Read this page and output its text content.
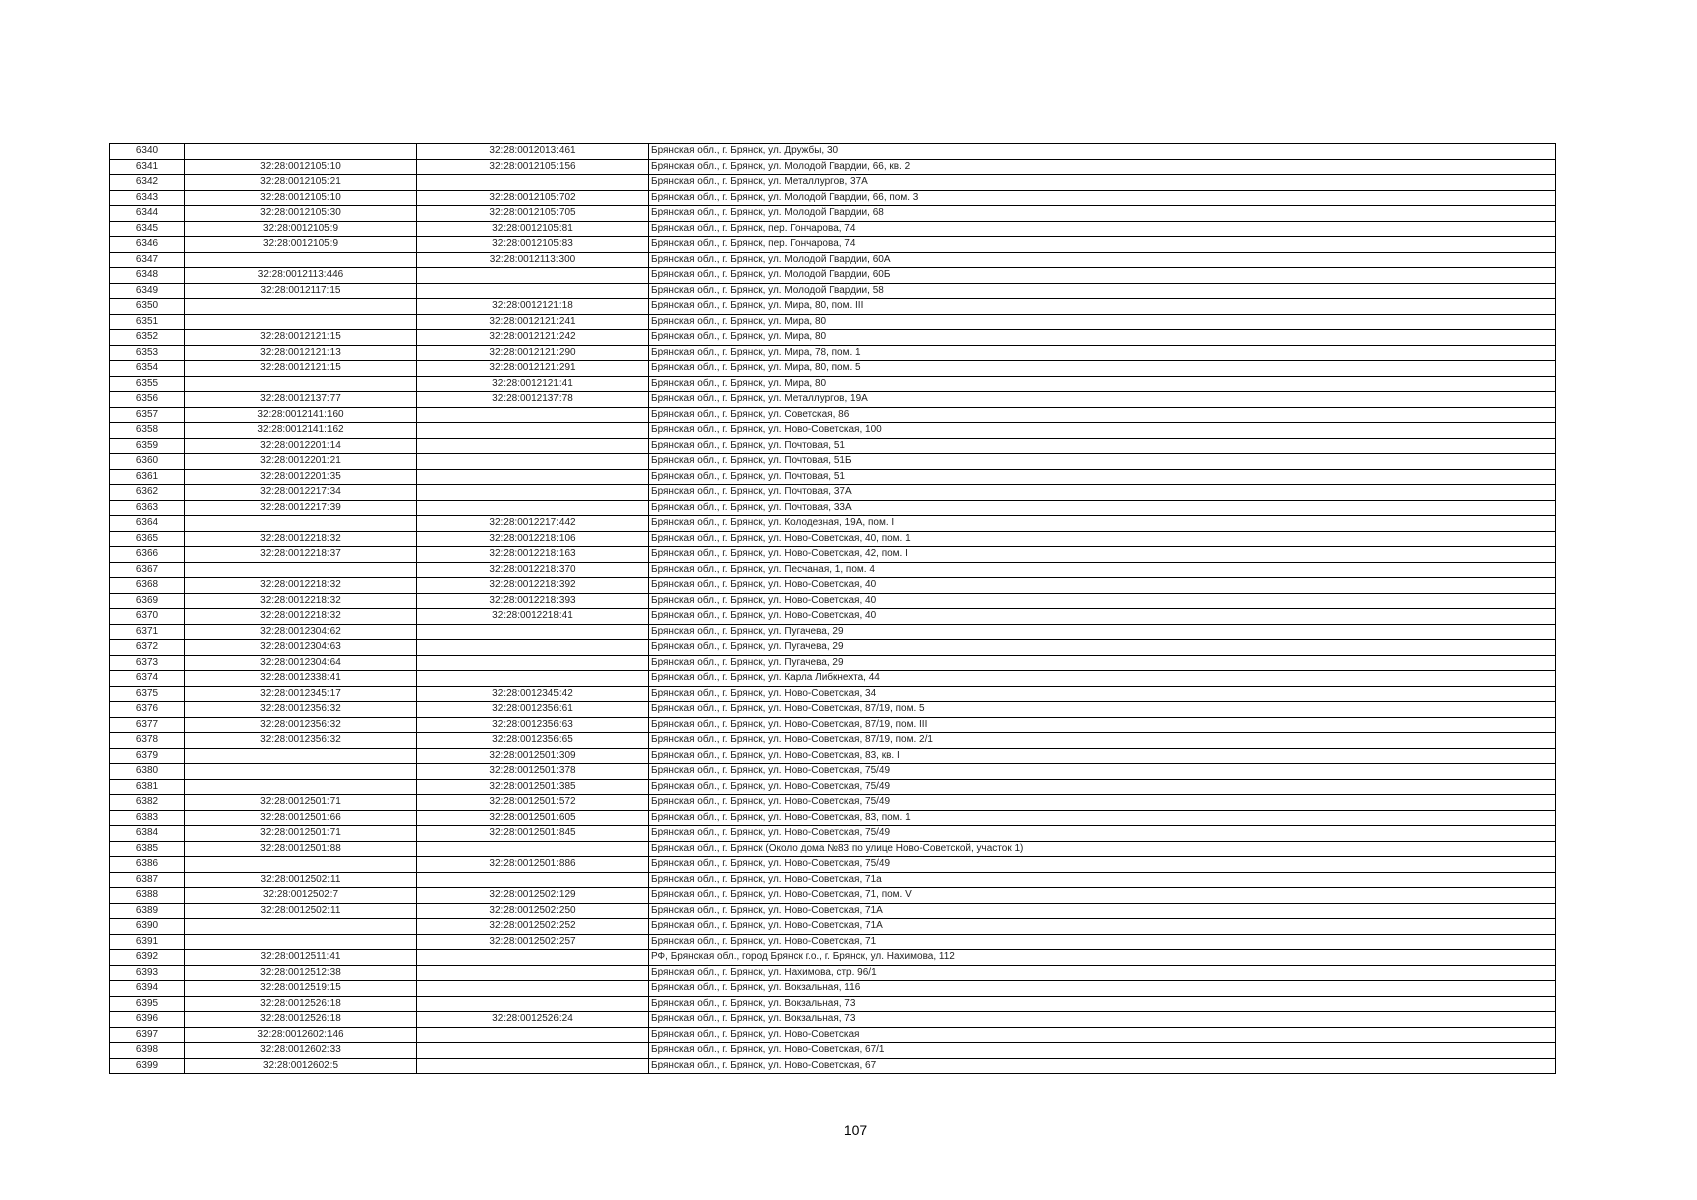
6340		32:28:0012013:461	Брянская обл., г. Брянск, ул. Дружбы, 30
6341	32:28:0012105:10	32:28:0012105:156	Брянская обл., г. Брянск, ул. Молодой Гвардии, 66, кв. 2
6342	32:28:0012105:21		Брянская обл., г. Брянск, ул. Металлургов, 37А
6343	32:28:0012105:10	32:28:0012105:702	Брянская обл., г. Брянск, ул. Молодой Гвардии, 66, пом. 3
6344	32:28:0012105:30	32:28:0012105:705	Брянская обл., г. Брянск, ул. Молодой Гвардии, 68
6345	32:28:0012105:9	32:28:0012105:81	Брянская обл., г. Брянск, пер. Гончарова, 74
6346	32:28:0012105:9	32:28:0012105:83	Брянская обл., г. Брянск, пер. Гончарова, 74
6347		32:28:0012113:300	Брянская обл., г. Брянск, ул. Молодой Гвардии, 60А
6348	32:28:0012113:446		Брянская обл., г. Брянск, ул. Молодой Гвардии, 60Б
6349	32:28:0012117:15		Брянская обл., г. Брянск, ул. Молодой Гвардии, 58
6350		32:28:0012121:18	Брянская обл., г. Брянск, ул. Мира, 80, пом. III
6351		32:28:0012121:241	Брянская обл., г. Брянск, ул. Мира, 80
6352	32:28:0012121:15	32:28:0012121:242	Брянская обл., г. Брянск, ул. Мира, 80
6353	32:28:0012121:13	32:28:0012121:290	Брянская обл., г. Брянск, ул. Мира, 78, пом. 1
6354	32:28:0012121:15	32:28:0012121:291	Брянская обл., г. Брянск, ул. Мира, 80, пом. 5
6355		32:28:0012121:41	Брянская обл., г. Брянск, ул. Мира, 80
6356	32:28:0012137:77	32:28:0012137:78	Брянская обл., г. Брянск, ул. Металлургов, 19А
6357	32:28:0012141:160		Брянская обл., г. Брянск, ул. Советская, 86
6358	32:28:0012141:162		Брянская обл., г. Брянск, ул. Ново-Советская, 100
6359	32:28:0012201:14		Брянская обл., г. Брянск, ул. Почтовая, 51
6360	32:28:0012201:21		Брянская обл., г. Брянск, ул. Почтовая, 51Б
6361	32:28:0012201:35		Брянская обл., г. Брянск, ул. Почтовая, 51
6362	32:28:0012217:34		Брянская обл., г. Брянск, ул. Почтовая, 37А
6363	32:28:0012217:39		Брянская обл., г. Брянск, ул. Почтовая, 33А
6364		32:28:0012217:442	Брянская обл., г. Брянск, ул. Колодезная, 19А, пом. I
6365	32:28:0012218:32	32:28:0012218:106	Брянская обл., г. Брянск, ул. Ново-Советская, 40, пом. 1
6366	32:28:0012218:37	32:28:0012218:163	Брянская обл., г. Брянск, ул. Ново-Советская, 42, пом. I
6367		32:28:0012218:370	Брянская обл., г. Брянск, ул. Песчаная, 1, пом. 4
6368	32:28:0012218:32	32:28:0012218:392	Брянская обл., г. Брянск, ул. Ново-Советская, 40
6369	32:28:0012218:32	32:28:0012218:393	Брянская обл., г. Брянск, ул. Ново-Советская, 40
6370	32:28:0012218:32	32:28:0012218:41	Брянская обл., г. Брянск, ул. Ново-Советская, 40
6371	32:28:0012304:62		Брянская обл., г. Брянск, ул. Пугачева, 29
6372	32:28:0012304:63		Брянская обл., г. Брянск, ул. Пугачева, 29
6373	32:28:0012304:64		Брянская обл., г. Брянск, ул. Пугачева, 29
6374	32:28:0012338:41		Брянская обл., г. Брянск, ул. Карла Либкнехта, 44
6375	32:28:0012345:17	32:28:0012345:42	Брянская обл., г. Брянск, ул. Ново-Советская, 34
6376	32:28:0012356:32	32:28:0012356:61	Брянская обл., г. Брянск, ул. Ново-Советская, 87/19, пом. 5
6377	32:28:0012356:32	32:28:0012356:63	Брянская обл., г. Брянск, ул. Ново-Советская, 87/19, пом. III
6378	32:28:0012356:32	32:28:0012356:65	Брянская обл., г. Брянск, ул. Ново-Советская, 87/19, пом. 2/1
6379		32:28:0012501:309	Брянская обл., г. Брянск, ул. Ново-Советская, 83, кв. I
6380		32:28:0012501:378	Брянская обл., г. Брянск, ул. Ново-Советская, 75/49
6381		32:28:0012501:385	Брянская обл., г. Брянск, ул. Ново-Советская, 75/49
6382	32:28:0012501:71	32:28:0012501:572	Брянская обл., г. Брянск, ул. Ново-Советская, 75/49
6383	32:28:0012501:66	32:28:0012501:605	Брянская обл., г. Брянск, ул. Ново-Советская, 83, пом. 1
6384	32:28:0012501:71	32:28:0012501:845	Брянская обл., г. Брянск, ул. Ново-Советская, 75/49
6385	32:28:0012501:88		Брянская обл., г. Брянск (Около дома №83 по улице Ново-Советской, участок 1)
6386		32:28:0012501:886	Брянская обл., г. Брянск, ул. Ново-Советская, 75/49
6387	32:28:0012502:11		Брянская обл., г. Брянск, ул. Ново-Советская, 71а
6388	32:28:0012502:7	32:28:0012502:129	Брянская обл., г. Брянск, ул. Ново-Советская, 71, пом. V
6389	32:28:0012502:11	32:28:0012502:250	Брянская обл., г. Брянск, ул. Ново-Советская, 71А
6390		32:28:0012502:252	Брянская обл., г. Брянск, ул. Ново-Советская, 71А
6391		32:28:0012502:257	Брянская обл., г. Брянск, ул. Ново-Советская, 71
6392	32:28:0012511:41		РФ, Брянская обл., город Брянск г.о., г. Брянск, ул. Нахимова, 112
6393	32:28:0012512:38		Брянская обл., г. Брянск, ул. Нахимова, стр. 96/1
6394	32:28:0012519:15		Брянская обл., г. Брянск, ул. Вокзальная, 116
6395	32:28:0012526:18		Брянская обл., г. Брянск, ул. Вокзальная, 73
6396	32:28:0012526:18	32:28:0012526:24	Брянская обл., г. Брянск, ул. Вокзальная, 73
6397	32:28:0012602:146		Брянская обл., г. Брянск, ул. Ново-Советская
6398	32:28:0012602:33		Брянская обл., г. Брянск, ул. Ново-Советская, 67/1
6399	32:28:0012602:5		Брянская обл., г. Брянск, ул. Ново-Советская, 67
107
